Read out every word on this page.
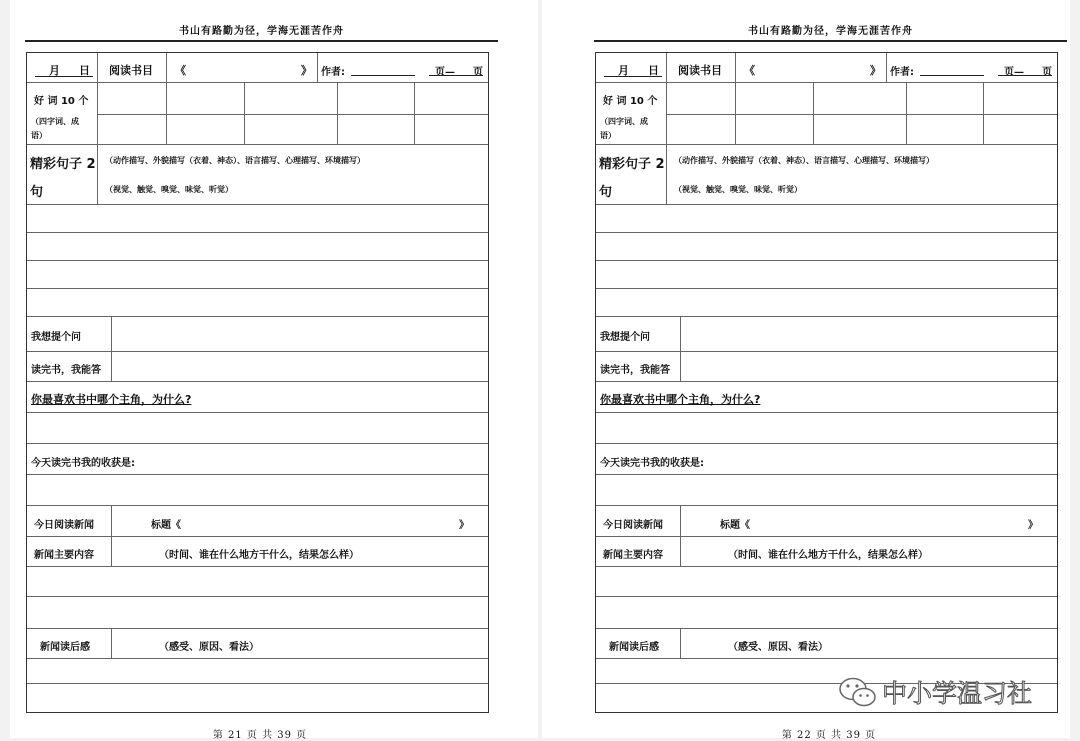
书山有路勤为径，学海无涯苦作舟
月 日 阅读书目 《	》 作者:	页— 页
好 词 10 个
（四字词、成
语）
精彩句子 2
句
（动作描写、外貌描写（衣着、神态）、语言描写、心理描写、环境描写）
（视觉、触觉、嗅觉、味觉、听觉）
我想提个问
读完书，我能答
你最喜欢书中哪个主角，为什么?
今天读完书我的收获是:
今日阅读新闻	标题《	》
新闻主要内容	（时间、谁在什么地方干什么，结果怎么样）
新闻读后感	（感受、原因、看法）
第 21 页 共 39 页
书山有路勤为径，学海无涯苦作舟
月 日 阅读书目 《	》 作者:	页— 页
好 词 10 个
（四字词、成
语）
精彩句子 2
句
（动作描写、外貌描写（衣着、神态）、语言描写、心理描写、环境描写）
（视觉、触觉、嗅觉、味觉、听觉）
我想提个问
读完书，我能答
你最喜欢书中哪个主角，为什么?
今天读完书我的收获是:
今日阅读新闻	标题《	》
新闻主要内容	（时间、谁在什么地方干什么，结果怎么样）
新闻读后感	（感受、原因、看法）
第 22 页 共 39 页
中小学温习社
